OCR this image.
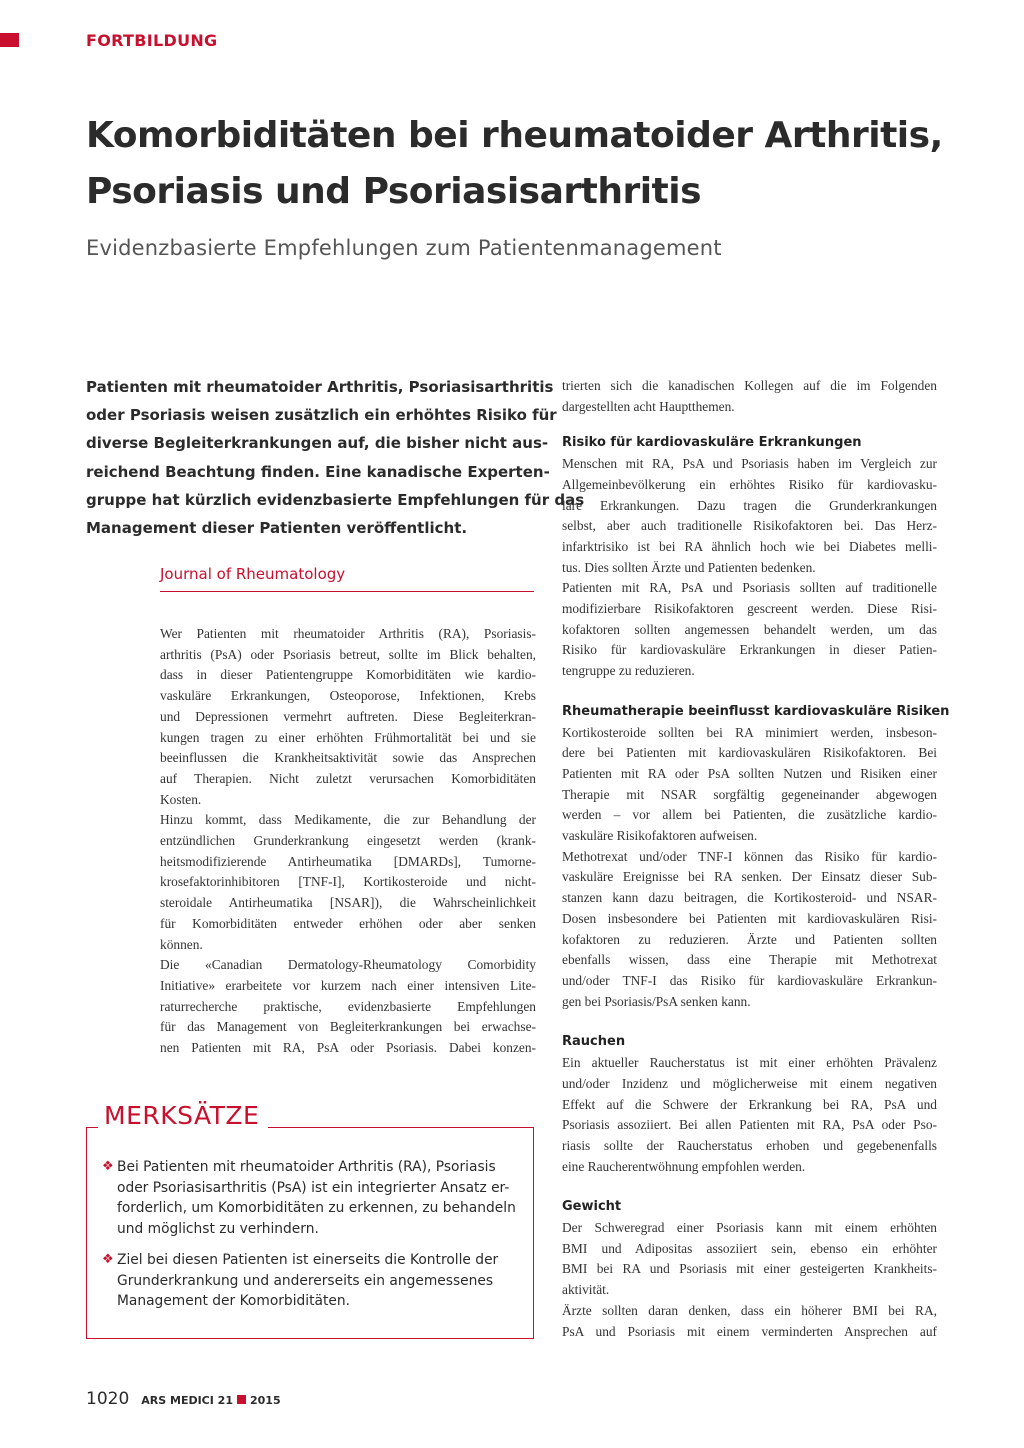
FORTBILDUNG
Komorbiditäten bei rheumatoider Arthritis,
Psoriasis und Psoriasisarthritis
Evidenzbasierte Empfehlungen zum Patientenmanagement
Patienten mit rheumatoider Arthritis, Psoriasisarthritis
oder Psoriasis weisen zusätzlich ein erhöhtes Risiko für
diverse Begleiterkrankungen auf, die bisher nicht aus-
reichend Beachtung finden. Eine kanadische Experten-
gruppe hat kürzlich evidenzbasierte Empfehlungen für das
Management dieser Patienten veröffentlicht.
Journal of Rheumatology
Wer Patienten mit rheumatoider Arthritis (RA), Psoriasis-
arthritis (PsA) oder Psoriasis betreut, sollte im Blick behalten,
dass in dieser Patientengruppe Komorbiditäten wie kardio-
vaskuläre Erkrankungen, Osteoporose, Infektionen, Krebs
und Depressionen vermehrt auftreten. Diese Begleiterkran-
kungen tragen zu einer erhöhten Frühmortalität bei und sie
beeinflussen die Krankheitsaktivität sowie das Ansprechen
auf Therapien. Nicht zuletzt verursachen Komorbiditäten
Kosten.
Hinzu kommt, dass Medikamente, die zur Behandlung der
entzündlichen Grunderkrankung eingesetzt werden (krank-
heitsmodifizierende Antirheumatika [DMARDs], Tumorne-
krosefaktorinhibitoren [TNF-I], Kortikosteroide und nicht-
steroidale Antirheumatika [NSAR]), die Wahrscheinlichkeit
für Komorbiditäten entweder erhöhen oder aber senken
können.
Die «Canadian Dermatology-Rheumatology Comorbidity
Initiative» erarbeitete vor kurzem nach einer intensiven Lite-
raturrecherche praktische, evidenzbasierte Empfehlungen
für das Management von Begleiterkrankungen bei erwachse-
nen Patienten mit RA, PsA oder Psoriasis. Dabei konzen-
trierten sich die kanadischen Kollegen auf die im Folgenden
dargestellten acht Hauptthemen.
Risiko für kardiovaskuläre Erkrankungen
Menschen mit RA, PsA und Psoriasis haben im Vergleich zur
Allgemeinbevölkerung ein erhöhtes Risiko für kardiovasku-
läre Erkrankungen. Dazu tragen die Grunderkrankungen
selbst, aber auch traditionelle Risikofaktoren bei. Das Herz-
infarktrisiko ist bei RA ähnlich hoch wie bei Diabetes melli-
tus. Dies sollten Ärzte und Patienten bedenken.
Patienten mit RA, PsA und Psoriasis sollten auf traditionelle
modifizierbare Risikofaktoren gescreent werden. Diese Risi-
kofaktoren sollten angemessen behandelt werden, um das
Risiko für kardiovaskuläre Erkrankungen in dieser Patien-
tengruppe zu reduzieren.
Rheumatherapie beeinflusst kardiovaskuläre Risiken
Kortikosteroide sollten bei RA minimiert werden, insbeson-
dere bei Patienten mit kardiovaskulären Risikofaktoren. Bei
Patienten mit RA oder PsA sollten Nutzen und Risiken einer
Therapie mit NSAR sorgfältig gegeneinander abgewogen
werden – vor allem bei Patienten, die zusätzliche kardio-
vaskuläre Risikofaktoren aufweisen.
Methotrexat und/oder TNF-I können das Risiko für kardio-
vaskuläre Ereignisse bei RA senken. Der Einsatz dieser Sub-
stanzen kann dazu beitragen, die Kortikosteroid- und NSAR-
Dosen insbesondere bei Patienten mit kardiovaskulären Risi-
kofaktoren zu reduzieren. Ärzte und Patienten sollten
ebenfalls wissen, dass eine Therapie mit Methotrexat
und/oder TNF-I das Risiko für kardiovaskuläre Erkrankun-
gen bei Psoriasis/PsA senken kann.
Rauchen
Ein aktueller Raucherstatus ist mit einer erhöhten Prävalenz
und/oder Inzidenz und möglicherweise mit einem negativen
Effekt auf die Schwere der Erkrankung bei RA, PsA und
Psoriasis assoziiert. Bei allen Patienten mit RA, PsA oder Pso-
riasis sollte der Raucherstatus erhoben und gegebenenfalls
eine Raucherentwöhnung empfohlen werden.
Gewicht
Der Schweregrad einer Psoriasis kann mit einem erhöhten
BMI und Adipositas assoziiert sein, ebenso ein erhöhter
BMI bei RA und Psoriasis mit einer gesteigerten Krankheits-
aktivität.
Ärzte sollten daran denken, dass ein höherer BMI bei RA,
PsA und Psoriasis mit einem verminderten Ansprechen auf
MERKSÄTZE
❖ Bei Patienten mit rheumatoider Arthritis (RA), Psoriasis
oder Psoriasisarthritis (PsA) ist ein integrierter Ansatz er-
forderlich, um Komorbiditäten zu erkennen, zu behandeln
und möglichst zu verhindern.
❖ Ziel bei diesen Patienten ist einerseits die Kontrolle der
Grunderkrankung und andererseits ein angemessenes
Management der Komorbiditäten.
1020 ARS MEDICI 21 2015
